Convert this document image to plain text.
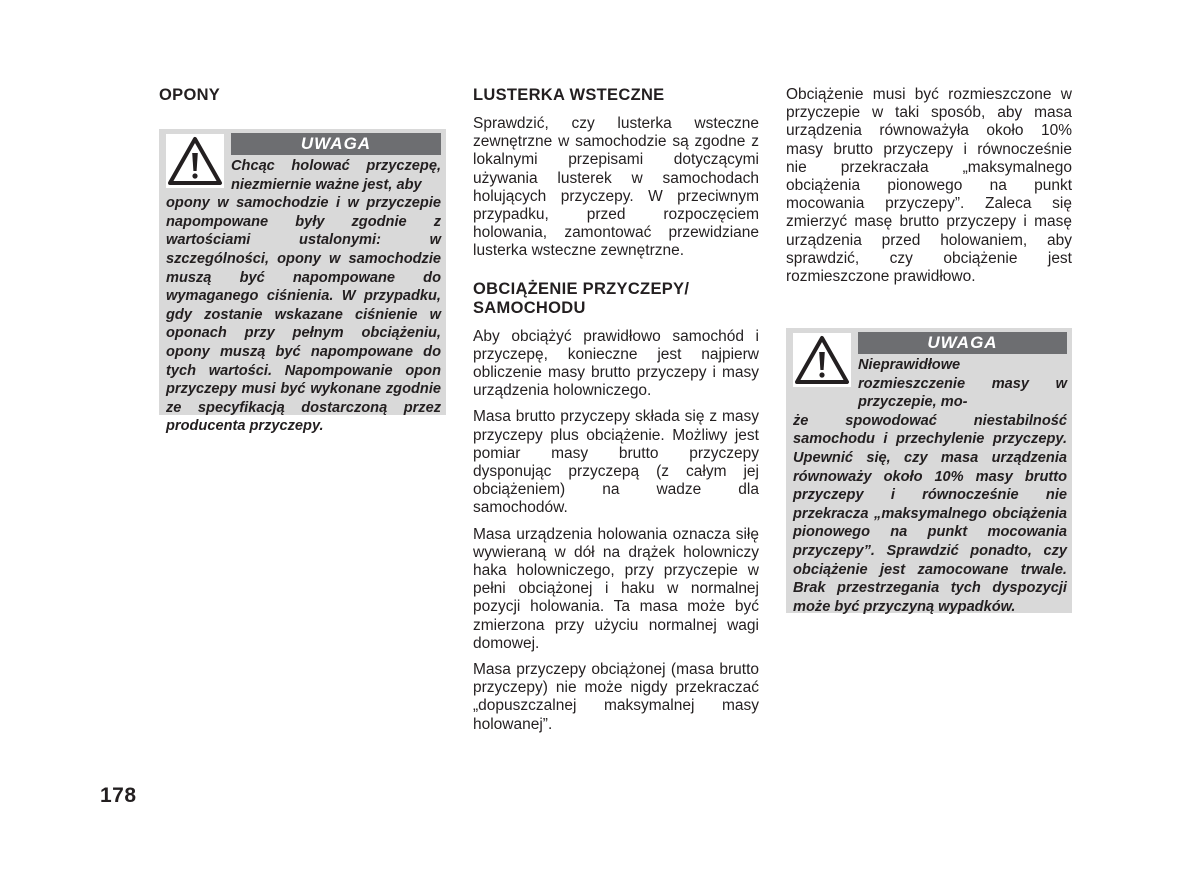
OPONY
UWAGA

Chcąc holować przyczepę, niezmiernie ważne jest, aby
opony w samochodzie i w przyczepie napompowane były zgodnie z wartościami ustalonymi: w szczególności, opony w samochodzie muszą być napompowane do wymaganego ciśnienia. W przypadku, gdy zostanie wskazane ciśnienie w oponach przy pełnym obciążeniu, opony muszą być napompowane do tych wartości. Napompowanie opon przyczepy musi być wykonane zgodnie ze specyfikacją dostarczoną przez producenta przyczepy.

LUSTERKA WSTECZNE

Sprawdzić, czy lusterka wsteczne zewnętrzne w samochodzie są zgodne z lokalnymi przepisami dotyczącymi używania lusterek w samochodach holujących przyczepy. W przeciwnym przypadku, przed rozpoczęciem holowania, zamontować przewidziane lusterka wsteczne zewnętrzne.

OBCIĄŻENIE PRZYCZEPY/
SAMOCHODU

Aby obciążyć prawidłowo samochód i przyczepę, konieczne jest najpierw obliczenie masy brutto przyczepy i masy urządzenia holowniczego.

Masa brutto przyczepy składa się z masy przyczepy plus obciążenie. Możliwy jest pomiar masy brutto przyczepy dysponując przyczepą (z całym jej obciążeniem) na wadze dla samochodów.

Masa urządzenia holowania oznacza siłę wywieraną w dół na drążek holowniczy haka holowniczego, przy przyczepie w pełni obciążonej i haku w normalnej pozycji holowania. Ta masa może być zmierzona przy użyciu normalnej wagi domowej.

Masa przyczepy obciążonej (masa brutto przyczepy) nie może nigdy przekraczać „dopuszczalnej maksymalnej masy holowanej”.

Obciążenie musi być rozmieszczone w przyczepie w taki sposób, aby masa urządzenia równoważyła około 10% masy brutto przyczepy i równocześnie nie przekraczała „maksymalnego obciążenia pionowego na punkt mocowania przyczepy”. Zaleca się zmierzyć masę brutto przyczepy i masę urządzenia przed holowaniem, aby sprawdzić, czy obciążenie jest rozmieszczone prawidłowo.

UWAGA

Nieprawidłowe rozmieszczenie masy w przyczepie, mo-
że spowodować niestabilność samochodu i przechylenie przyczepy. Upewnić się, czy masa urządzenia równoważy około 10% masy brutto przyczepy i równocześnie nie przekracza „maksymalnego obciążenia pionowego na punkt mocowania przyczepy”. Sprawdzić ponadto, czy obciążenie jest zamocowane trwale. Brak przestrzegania tych dyspozycji może być przyczyną wypadków.

178
